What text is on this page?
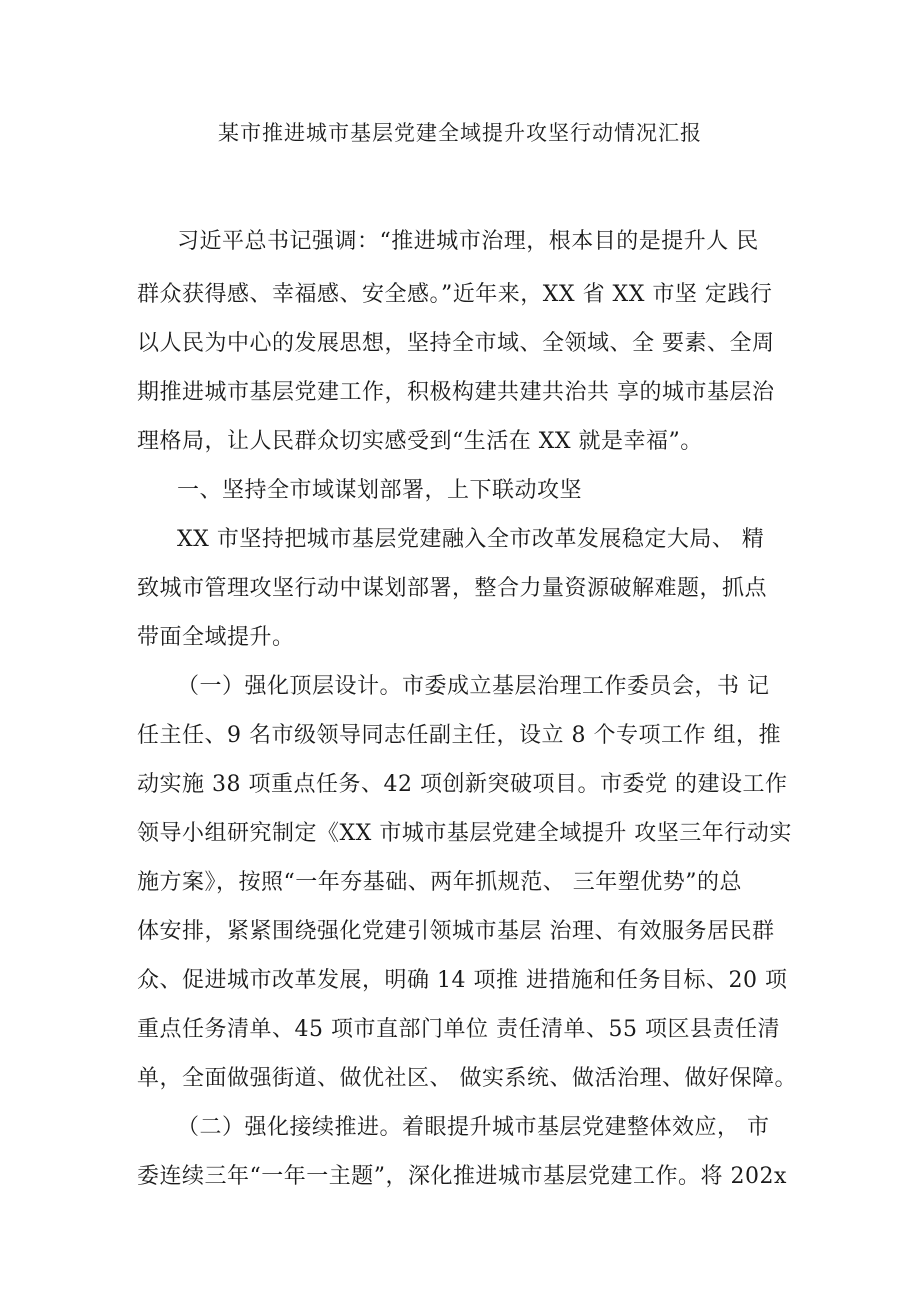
某市推进城市基层党建全域提升攻坚行动情况汇报

习近平总书记强调：“推进城市治理，根本目的是提升人 民

群众获得感、幸福感、安全感。”近年来，XX 省 XX 市坚 定践行

以人民为中心的发展思想，坚持全市域、全领域、全 要素、全周

期推进城市基层党建工作，积极构建共建共治共 享的城市基层治

理格局，让人民群众切实感受到“生活在 XX 就是幸福”。

一、坚持全市域谋划部署，上下联动攻坚

XX 市坚持把城市基层党建融入全市改革发展稳定大局、 精

致城市管理攻坚行动中谋划部署，整合力量资源破解难题，抓点

带面全域提升。

（一）强化顶层设计。市委成立基层治理工作委员会，书 记

任主任、9 名市级领导同志任副主任，设立 8 个专项工作 组，推

动实施 38 项重点任务、42 项创新突破项目。市委党 的建设工作

领导小组研究制定《XX 市城市基层党建全域提升 攻坚三年行动实

施方案》，按照“一年夯基础、两年抓规范、 三年塑优势”的总

体安排，紧紧围绕强化党建引领城市基层 治理、有效服务居民群

众、促进城市改革发展，明确 14 项推 进措施和任务目标、20 项

重点任务清单、45 项市直部门单位 责任清单、55 项区县责任清

单，全面做强街道、做优社区、 做实系统、做活治理、做好保障。

（二）强化接续推进。着眼提升城市基层党建整体效应， 市

委连续三年“一年一主题”，深化推进城市基层党建工作。将 202x
